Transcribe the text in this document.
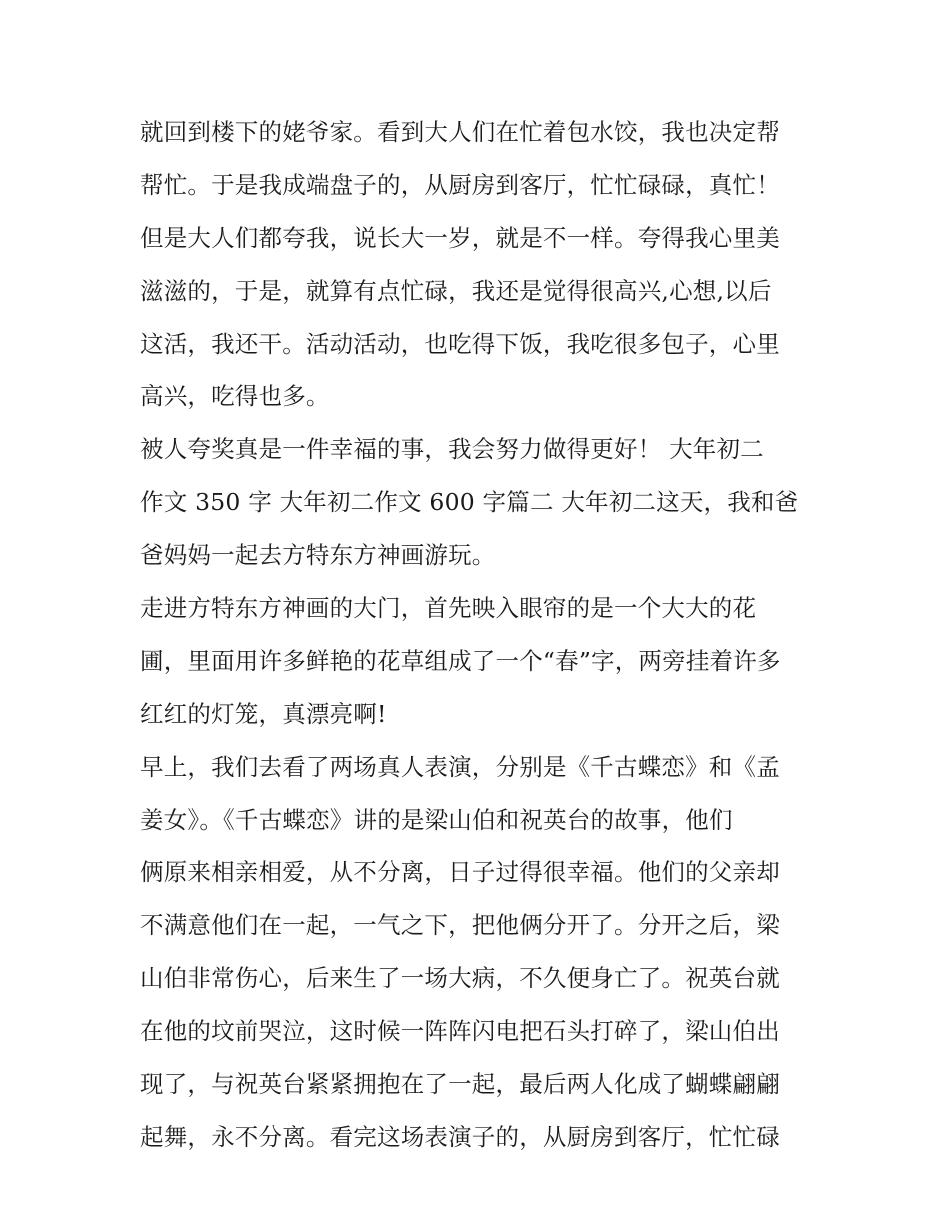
就回到楼下的姥爷家。看到大人们在忙着包水饺，我也决定帮
帮忙。于是我成端盘子的，从厨房到客厅，忙忙碌碌，真忙！
但是大人们都夸我，说长大一岁，就是不一样。夸得我心里美
滋滋的，于是，就算有点忙碌，我还是觉得很高兴,心想,以后
这活，我还干。活动活动，也吃得下饭，我吃很多包子，心里
高兴，吃得也多。
被人夸奖真是一件幸福的事，我会努力做得更好！ 大年初二
作文 350 字 大年初二作文 600 字篇二 大年初二这天，我和爸
爸妈妈一起去方特东方神画游玩。
走进方特东方神画的大门，首先映入眼帘的是一个大大的花
圃，里面用许多鲜艳的花草组成了一个“春”字，两旁挂着许多
红红的灯笼，真漂亮啊!
早上，我们去看了两场真人表演，分别是《千古蝶恋》和《孟
姜女》。《千古蝶恋》讲的是梁山伯和祝英台的故事，他们
俩原来相亲相爱，从不分离，日子过得很幸福。他们的父亲却
不满意他们在一起，一气之下，把他俩分开了。分开之后，梁
山伯非常伤心，后来生了一场大病，不久便身亡了。祝英台就
在他的坟前哭泣，这时候一阵阵闪电把石头打碎了，梁山伯出
现了，与祝英台紧紧拥抱在了一起，最后两人化成了蝴蝶翩翩
起舞，永不分离。看完这场表演子的，从厨房到客厅，忙忙碌
